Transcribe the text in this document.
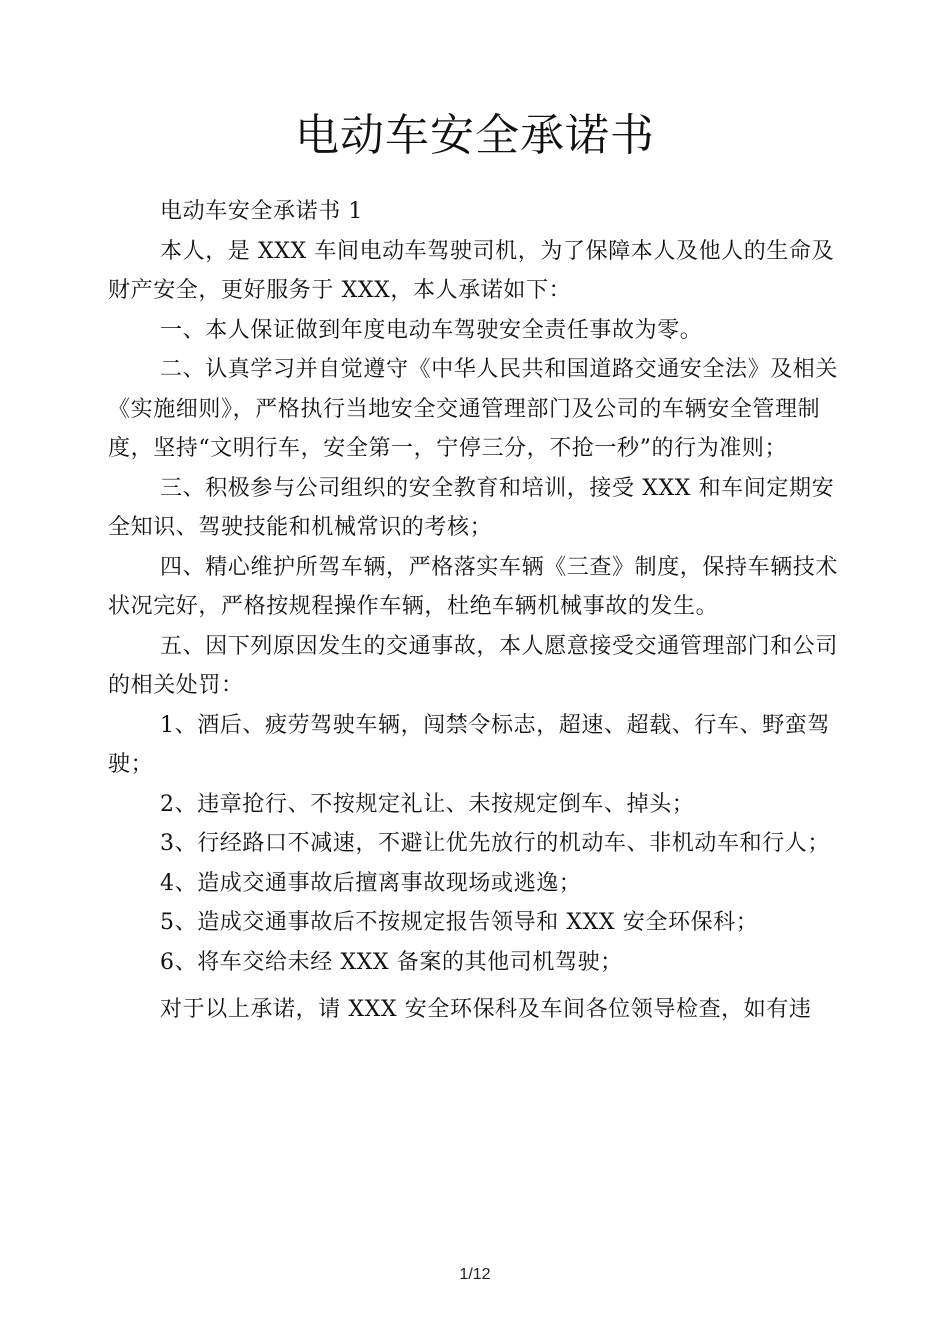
电动车安全承诺书

电动车安全承诺书 1

本人，是 XXX 车间电动车驾驶司机，为了保障本人及他人的生命及财产安全，更好服务于 XXX，本人承诺如下：

一、本人保证做到年度电动车驾驶安全责任事故为零。

二、认真学习并自觉遵守《中华人民共和国道路交通安全法》及相关《实施细则》，严格执行当地安全交通管理部门及公司的车辆安全管理制度，坚持“文明行车，安全第一，宁停三分，不抢一秒”的行为准则；

三、积极参与公司组织的安全教育和培训，接受 XXX 和车间定期安全知识、驾驶技能和机械常识的考核；

四、精心维护所驾车辆，严格落实车辆《三查》制度，保持车辆技术状况完好，严格按规程操作车辆，杜绝车辆机械事故的发生。

五、因下列原因发生的交通事故，本人愿意接受交通管理部门和公司的相关处罚：

1、酒后、疲劳驾驶车辆，闯禁令标志，超速、超载、行车、野蛮驾驶；

2、违章抢行、不按规定礼让、未按规定倒车、掉头；

3、行经路口不减速，不避让优先放行的机动车、非机动车和行人；

4、造成交通事故后擅离事故现场或逃逸；

5、造成交通事故后不按规定报告领导和 XXX 安全环保科；

6、将车交给未经 XXX 备案的其他司机驾驶；

对于以上承诺，请 XXX 安全环保科及车间各位领导检查，如有违

1/12
